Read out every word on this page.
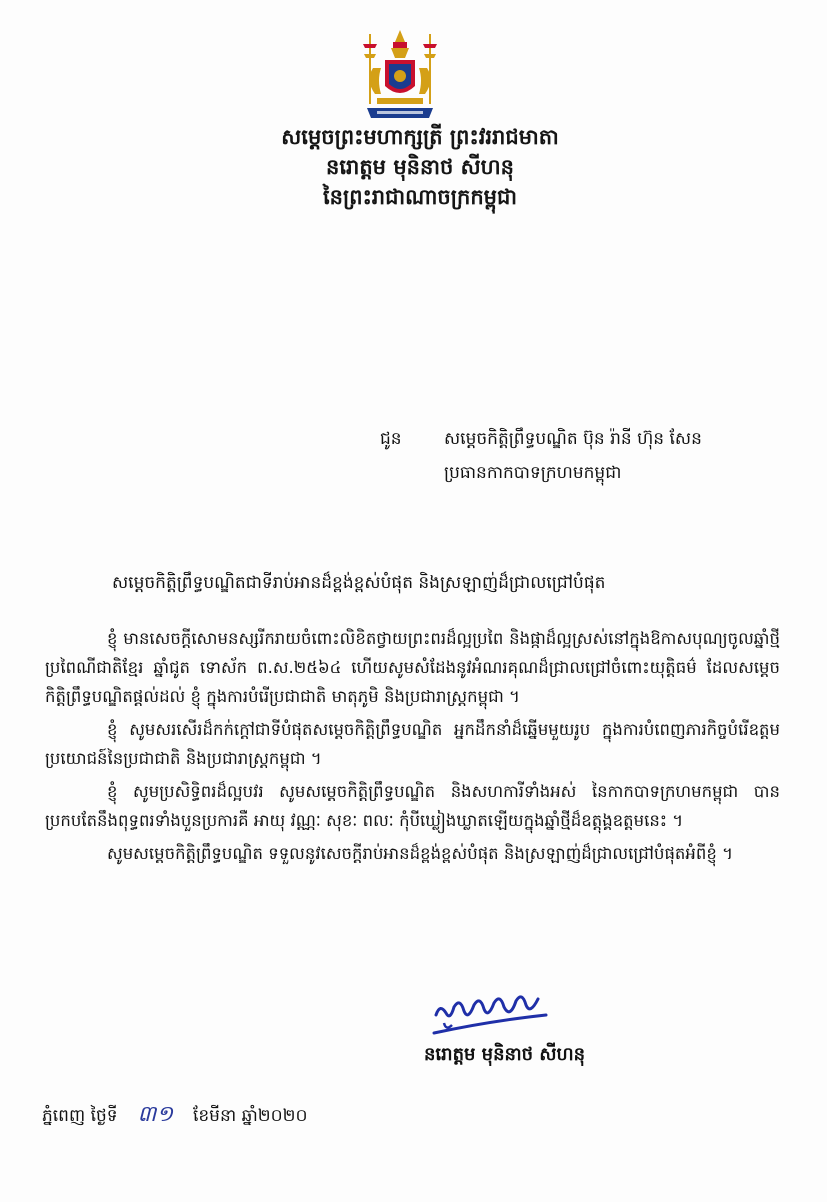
សម្តេចព្រះមហាក្សត្រី ព្រះវររាជមាតា
នរោត្តម មុនិនាថ សីហនុ
នៃព្រះរាជាណាចក្រកម្ពុជា
ជូន សម្តេចកិត្តិព្រឹទ្ធបណ្ឌិត ប៊ុន រ៉ានី ហ៊ុន សែន
ប្រធានកាកបាទក្រហមកម្ពុជា
សម្តេចកិត្តិព្រឹទ្ធបណ្ឌិតជាទីរាប់អានដ៏ខ្ពង់ខ្ពស់បំផុត និងស្រឡាញ់ដ៏ជ្រាលជ្រៅបំផុត

ខ្ញុំ មានសេចក្តីសោមនស្សរីករាយចំពោះលិខិតថ្វាយព្រះពរដ៏ល្អប្រពៃ និងផ្កាដ៏ល្អស្រស់នៅក្នុងឱកាសបុណ្យចូលឆ្នាំថ្មី ប្រពៃណីជាតិខ្មែរ ឆ្នាំជូត ទោស័ក ព.ស.២៥៦៤ ហើយសូមសំដែងនូវអំណរគុណដ៏ជ្រាលជ្រៅចំពោះយុត្តិធម៌ ដែលសម្តេចកិត្តិព្រឹទ្ធបណ្ឌិតផ្តល់ដល់ ខ្ញុំ ក្នុងការបំរើប្រជាជាតិ មាតុភូមិ និងប្រជារាស្ត្រកម្ពុជា ។

ខ្ញុំ សូមសរសើរដ៏កក់ក្តៅជាទីបំផុតសម្តេចកិត្តិព្រឹទ្ធបណ្ឌិត អ្នកដឹកនាំដ៏ឆ្នើមមួយរូប ក្នុងការបំពេញភារកិច្ចបំរើឧត្តមប្រយោជន៍នៃប្រជាជាតិ និងប្រជារាស្ត្រកម្ពុជា ។

ខ្ញុំ សូមប្រសិទ្ធិពរដ៏ល្អបវរ សូមសម្តេចកិត្តិព្រឹទ្ធបណ្ឌិត និងសហការីទាំងអស់ នៃកាកបាទក្រហមកម្ពុជា បានប្រកបតែនឹងពុទ្ធពរទាំងបួនប្រការគឺ អាយុ វណ្ណៈ សុខៈ ពលៈ កុំបីឃ្លៀងឃ្លាតឡើយក្នុងឆ្នាំថ្មីដ៏ឧត្តុង្គឧត្តមនេះ ។

សូមសម្តេចកិត្តិព្រឹទ្ធបណ្ឌិត ទទួលនូវសេចក្តីរាប់អានដ៏ខ្ពង់ខ្ពស់បំផុត និងស្រឡាញ់ដ៏ជ្រាលជ្រៅបំផុតអំពីខ្ញុំ ។

នរោត្តម មុនិនាថ សីហនុ
ភ្នំពេញ ថ្ងៃទី ៣១ ខែមីនា ឆ្នាំ២០២០
